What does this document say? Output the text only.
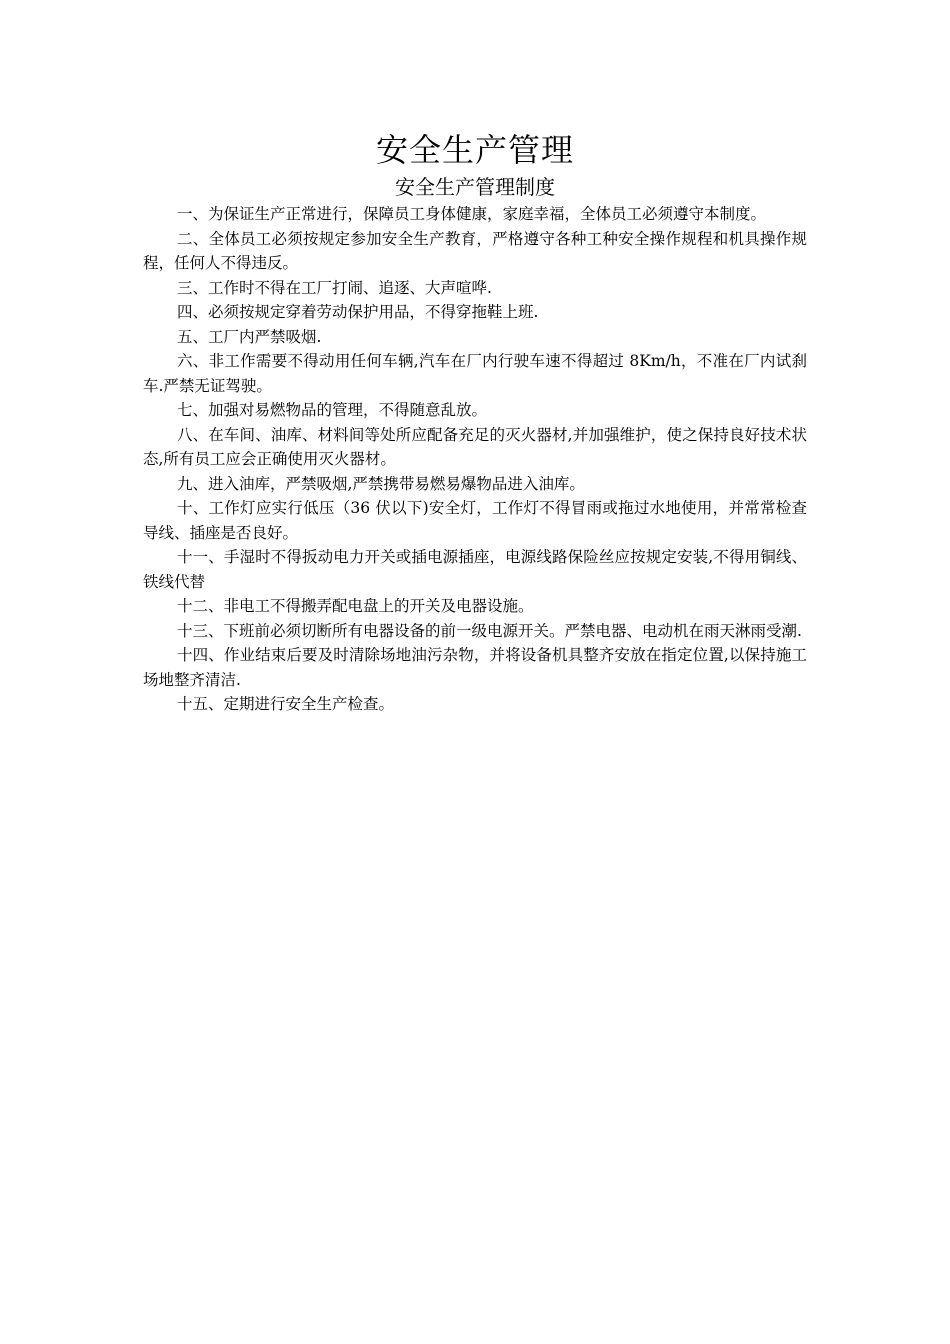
安全生产管理
安全生产管理制度

一、为保证生产正常进行，保障员工身体健康，家庭幸福，全体员工必须遵守本制度。

二、全体员工必须按规定参加安全生产教育，严格遵守各种工种安全操作规程和机具操作规程，任何人不得违反。

三、工作时不得在工厂打闹、追逐、大声喧哗.

四、必须按规定穿着劳动保护用品，不得穿拖鞋上班.

五、工厂内严禁吸烟.

六、非工作需要不得动用任何车辆,汽车在厂内行驶车速不得超过 8Km/h，不准在厂内试刹车.严禁无证驾驶。

七、加强对易燃物品的管理，不得随意乱放。

八、在车间、油库、材料间等处所应配备充足的灭火器材,并加强维护，使之保持良好技术状态,所有员工应会正确使用灭火器材。

九、进入油库，严禁吸烟,严禁携带易燃易爆物品进入油库。

十、工作灯应实行低压（36 伏以下)安全灯，工作灯不得冒雨或拖过水地使用，并常常检查导线、插座是否良好。

十一、手湿时不得扳动电力开关或插电源插座，电源线路保险丝应按规定安装,不得用铜线、铁线代替

十二、非电工不得搬弄配电盘上的开关及电器设施。

十三、下班前必须切断所有电器设备的前一级电源开关。严禁电器、电动机在雨天淋雨受潮.

十四、作业结束后要及时清除场地油污杂物，并将设备机具整齐安放在指定位置,以保持施工场地整齐清洁.

十五、定期进行安全生产检查。
